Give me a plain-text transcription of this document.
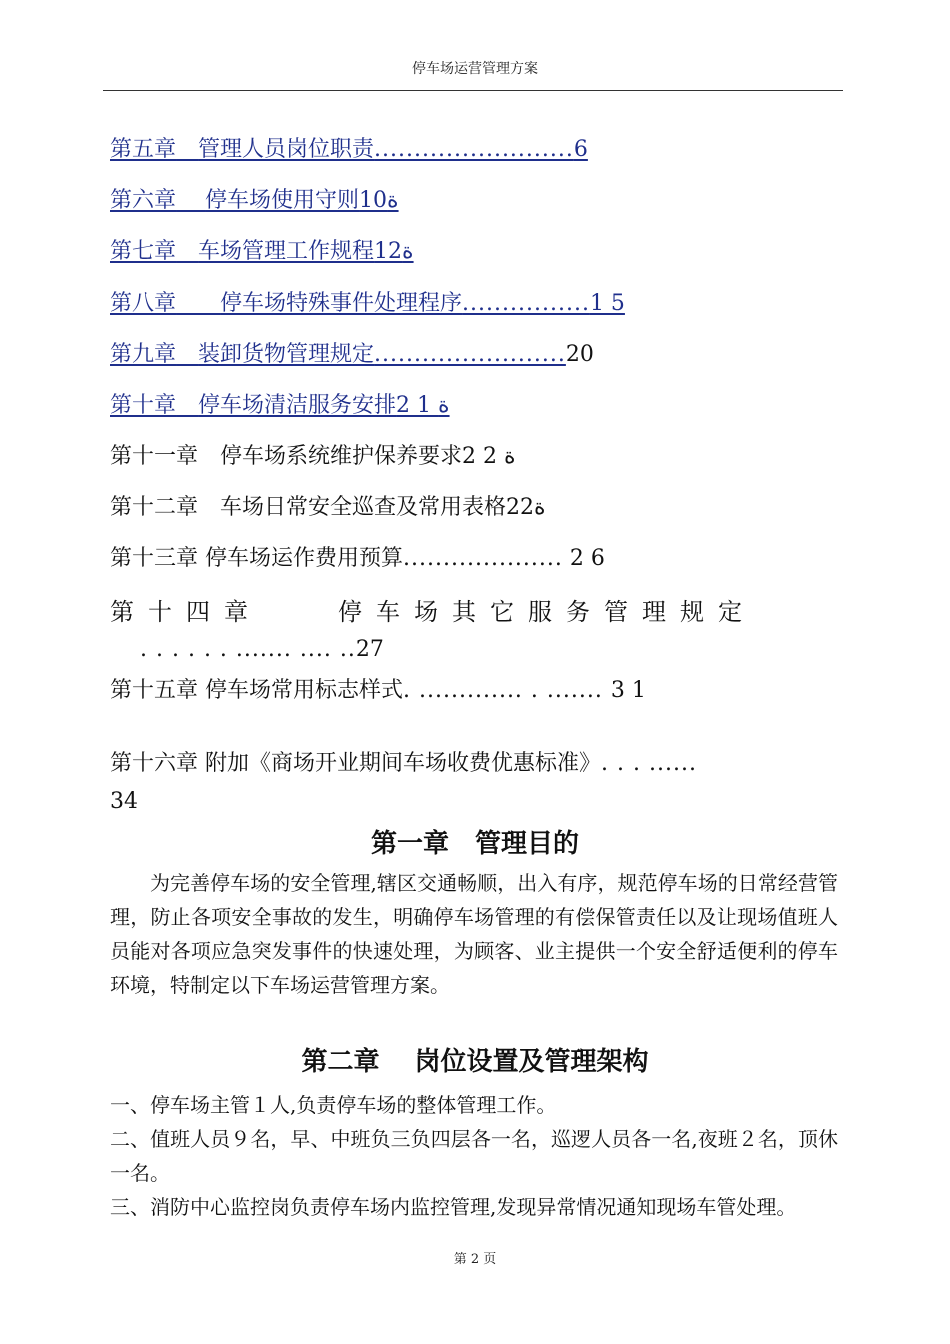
停车场运营管理方案
第五章　 管理人员岗位职责.........................6
第六章　 停车场使用守则10ﺓ
第七章　 车场管理工作规程12ﺓ
第八章　　 停车场特殊事件处理程序................1 5
第九章　 装卸货物管理规定........................20
第十章　 停车场清洁服务安排2 1 ﺓ
第十一章　 停车场系统维护保养要求2 2 ﺓ
第十二章　 车场日常安全巡查及常用表格22ﺓ
第十三章 停车场运作费用预算.................... 2 6
第十四章　　	停车场其它服务管理规定
. . . . . . ....... .... ..27
第十五章 停车场常用标志样式. ............. . ....... 3 1
第十六章 附加《商场开业期间车场收费优惠标准》. . . ......
34
第一章　管理目的
为完善停车场的安全管理,辖区交通畅顺，出入有序，规范停车场的日常经营管理，防止各项安全事故的发生，明确停车场管理的有偿保管责任以及让现场值班人员能对各项应急突发事件的快速处理，为顾客、业主提供一个安全舒适便利的停车环境，特制定以下车场运营管理方案。
第二章　 岗位设置及管理架构
一、停车场主管１人,负责停车场的整体管理工作。
二、值班人员９名，早、中班负三负四层各一名，巡逻人员各一名,夜班２名，顶休一名。
三、消防中心监控岗负责停车场内监控管理,发现异常情况通知现场车管处理。
第 2 页
